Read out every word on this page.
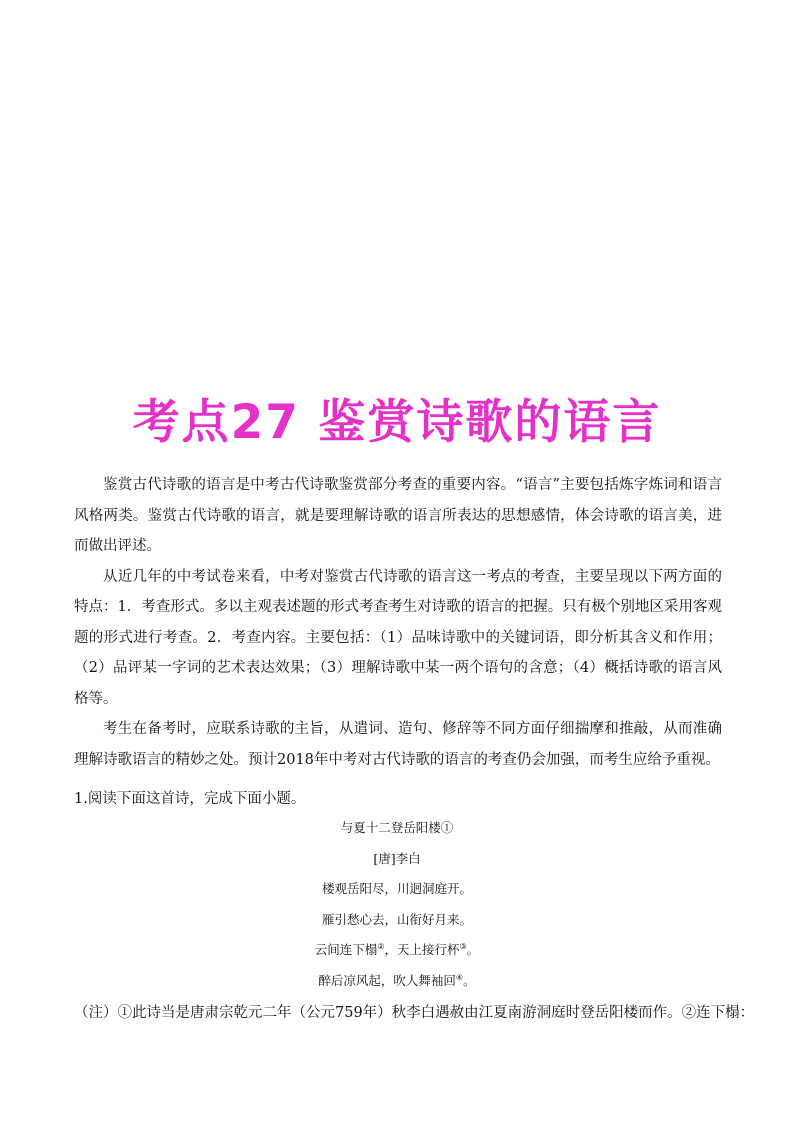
考点27 鉴赏诗歌的语言

鉴赏古代诗歌的语言是中考古代诗歌鉴赏部分考查的重要内容。“语言”主要包括炼字炼词和语言风格两类。鉴赏古代诗歌的语言，就是要理解诗歌的语言所表达的思想感情，体会诗歌的语言美，进而做出评述。

从近几年的中考试卷来看，中考对鉴赏古代诗歌的语言这一考点的考查，主要呈现以下两方面的特点：1．考查形式。多以主观表述题的形式考查考生对诗歌的语言的把握。只有极个别地区采用客观题的形式进行考查。2．考查内容。主要包括：（1）品味诗歌中的关键词语，即分析其含义和作用；（2）品评某一字词的艺术表达效果；（3）理解诗歌中某一两个语句的含意；（4）概括诗歌的语言风格等。

考生在备考时，应联系诗歌的主旨，从遣词、造句、修辞等不同方面仔细揣摩和推敲，从而准确理解诗歌语言的精妙之处。预计2018年中考对古代诗歌的语言的考查仍会加强，而考生应给予重视。

1.阅读下面这首诗，完成下面小题。
与夏十二登岳阳楼①
[唐]李白
楼观岳阳尽，川迥洞庭开。
雁引愁心去，山衔好月来。
云间连下榻②，天上接行杯③。
醉后凉风起，吹人舞袖回④。
（注）①此诗当是唐肃宗乾元二年（公元759年）秋李白遇赦由江夏南游洞庭时登岳阳楼而作。②连下榻：
